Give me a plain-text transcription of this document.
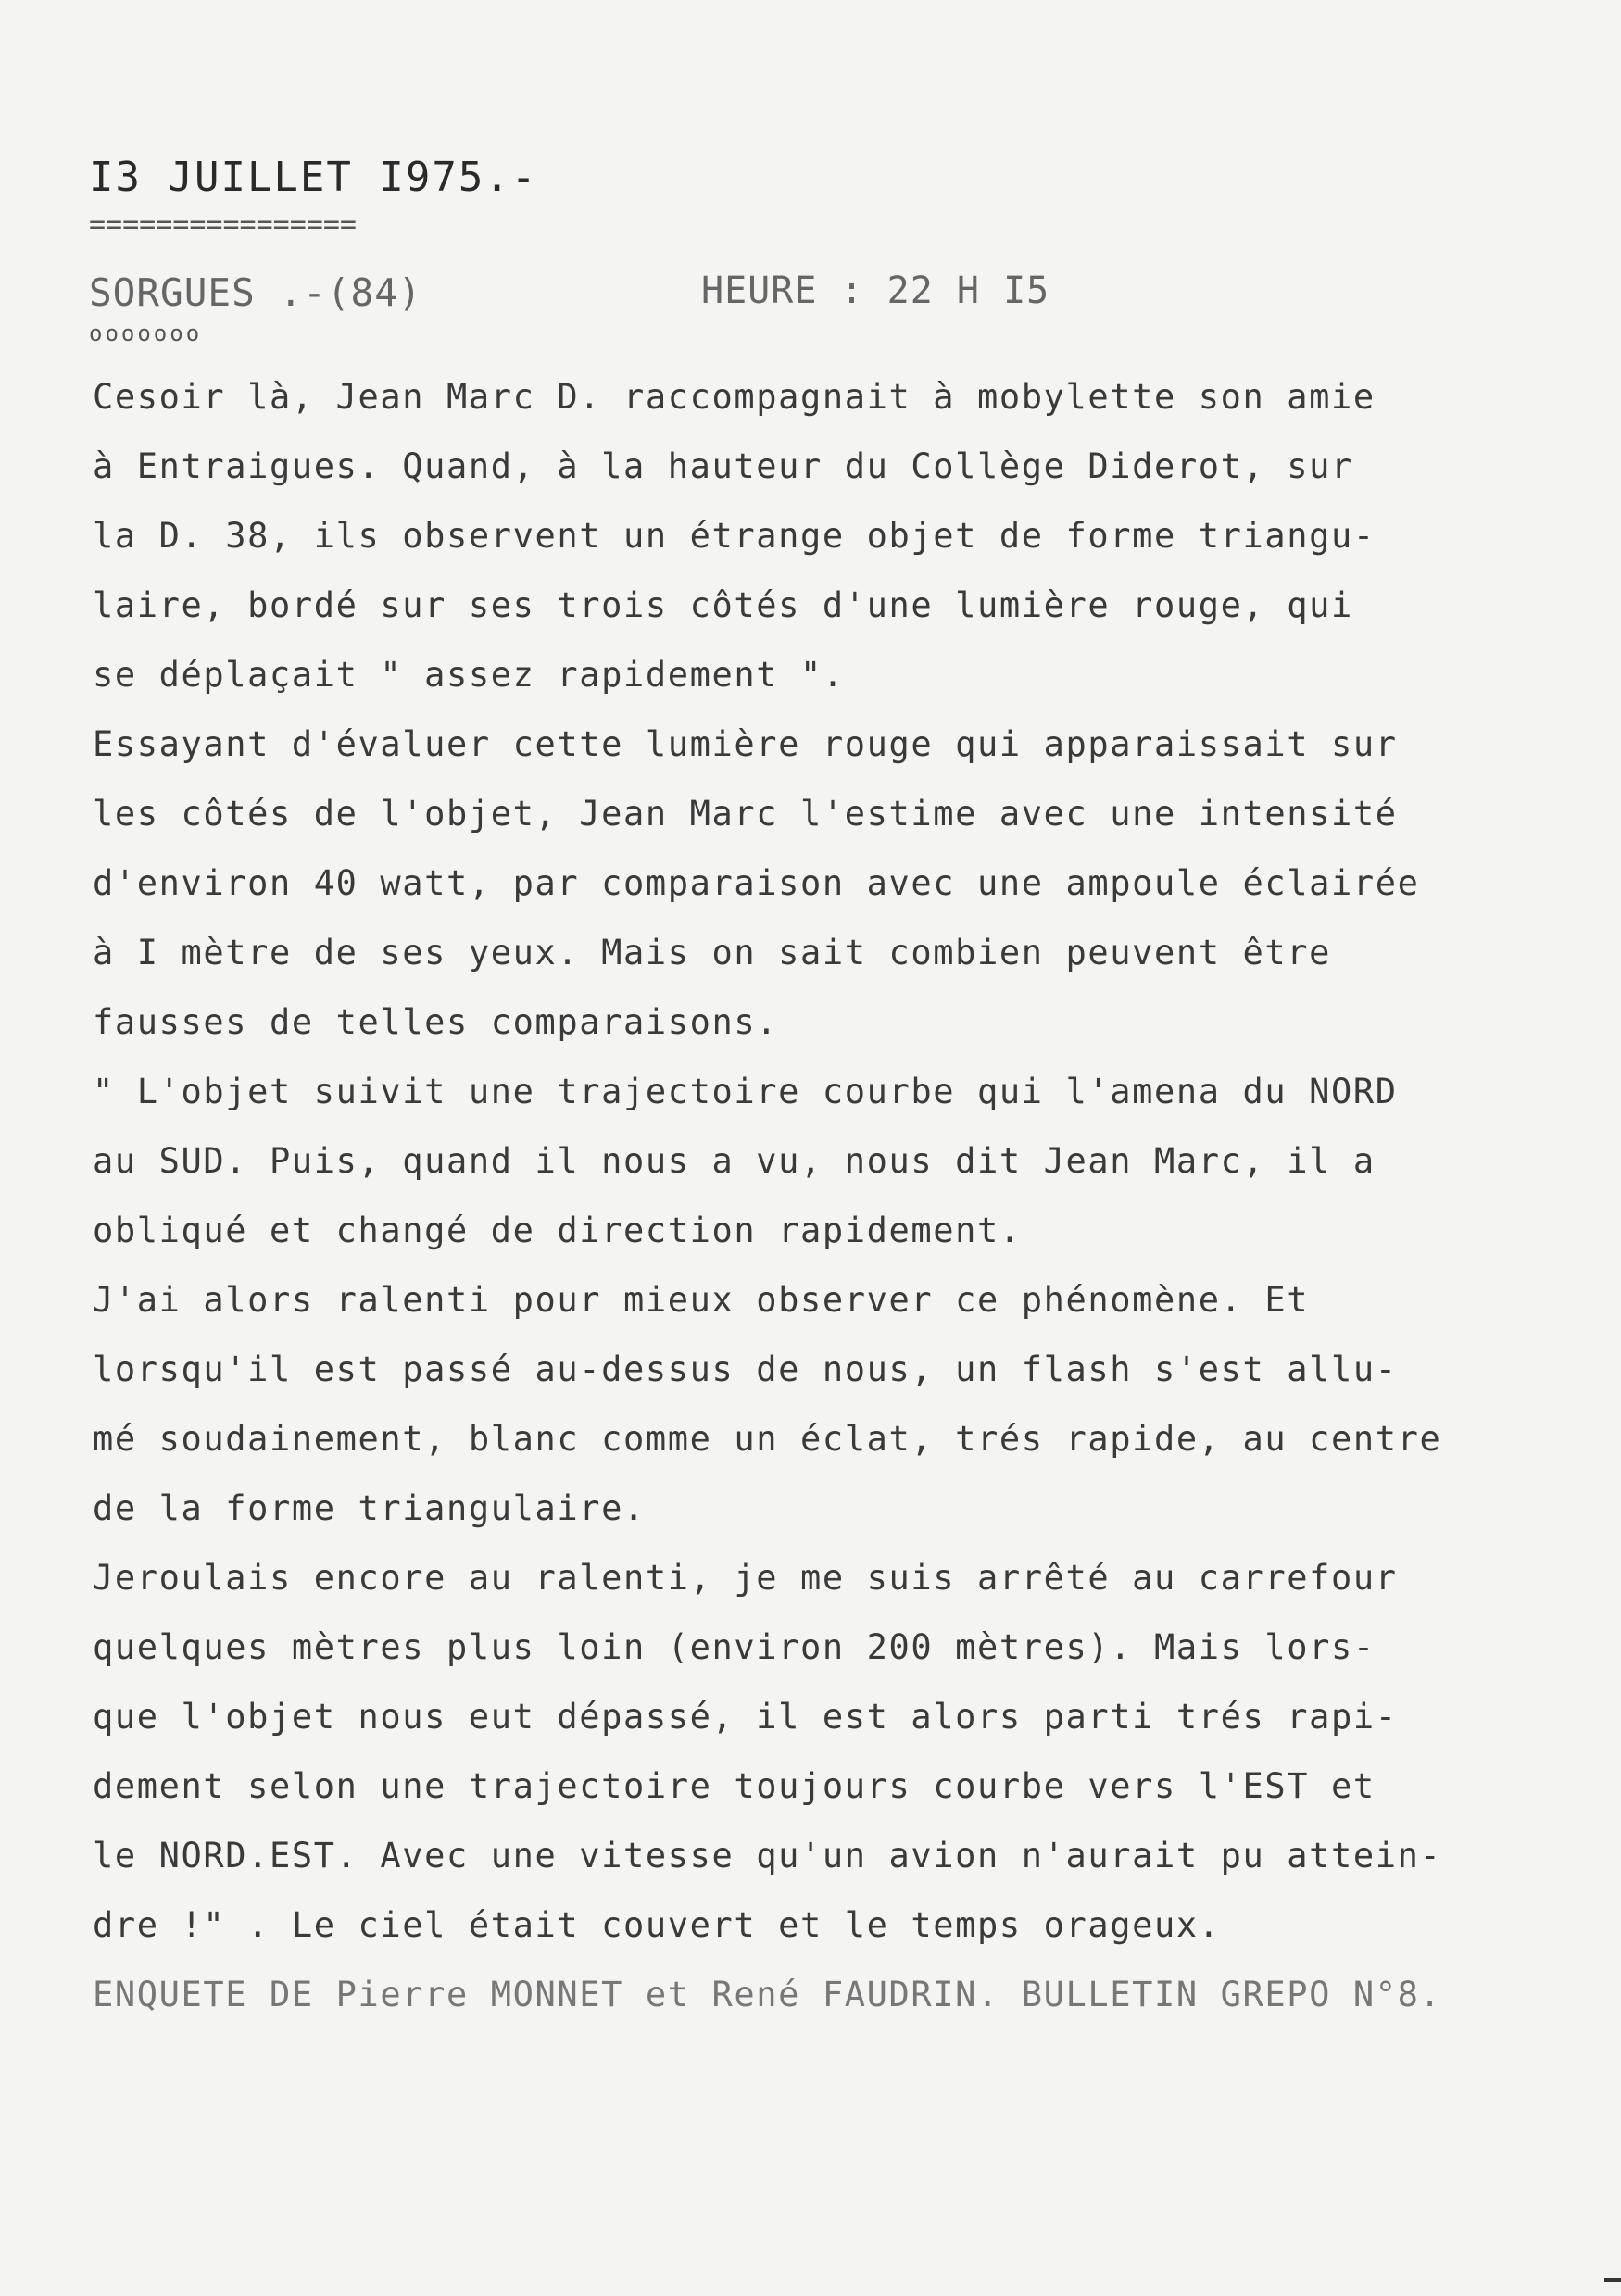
I3 JUILLET I975.-
================
SORGUES .-(84)	HEURE : 22 H I5
ooooooo
Cesoir là, Jean Marc D. raccompagnait à mobylette son amie
à Entraigues. Quand, à la hauteur du Collège Diderot, sur
la D. 38, ils observent un étrange objet de forme triangu-
laire, bordé sur ses trois côtés d'une lumière rouge, qui
se déplaçait " assez rapidement ".
Essayant d'évaluer cette lumière rouge qui apparaissait sur
les côtés de l'objet, Jean Marc l'estime avec une intensité
d'environ 40 watt, par comparaison avec une ampoule éclairée
à I mètre de ses yeux. Mais on sait combien peuvent être
fausses de telles comparaisons.
" L'objet suivit une trajectoire courbe qui l'amena du NORD
au SUD. Puis, quand il nous a vu, nous dit Jean Marc, il a
obliqué et changé de direction rapidement.
J'ai alors ralenti pour mieux observer ce phénomène. Et
lorsqu'il est passé au-dessus de nous, un flash s'est allu-
mé soudainement, blanc comme un éclat, trés rapide, au centre
de la forme triangulaire.
Jeroulais encore au ralenti, je me suis arrêté au carrefour
quelques mètres plus loin (environ 200 mètres). Mais lors-
que l'objet nous eut dépassé, il est alors parti trés rapi-
dement selon une trajectoire toujours courbe vers l'EST et
le NORD.EST. Avec une vitesse qu'un avion n'aurait pu attein-
dre !" . Le ciel était couvert et le temps orageux.
ENQUETE DE Pierre MONNET et René FAUDRIN. BULLETIN GREPO N°8.
